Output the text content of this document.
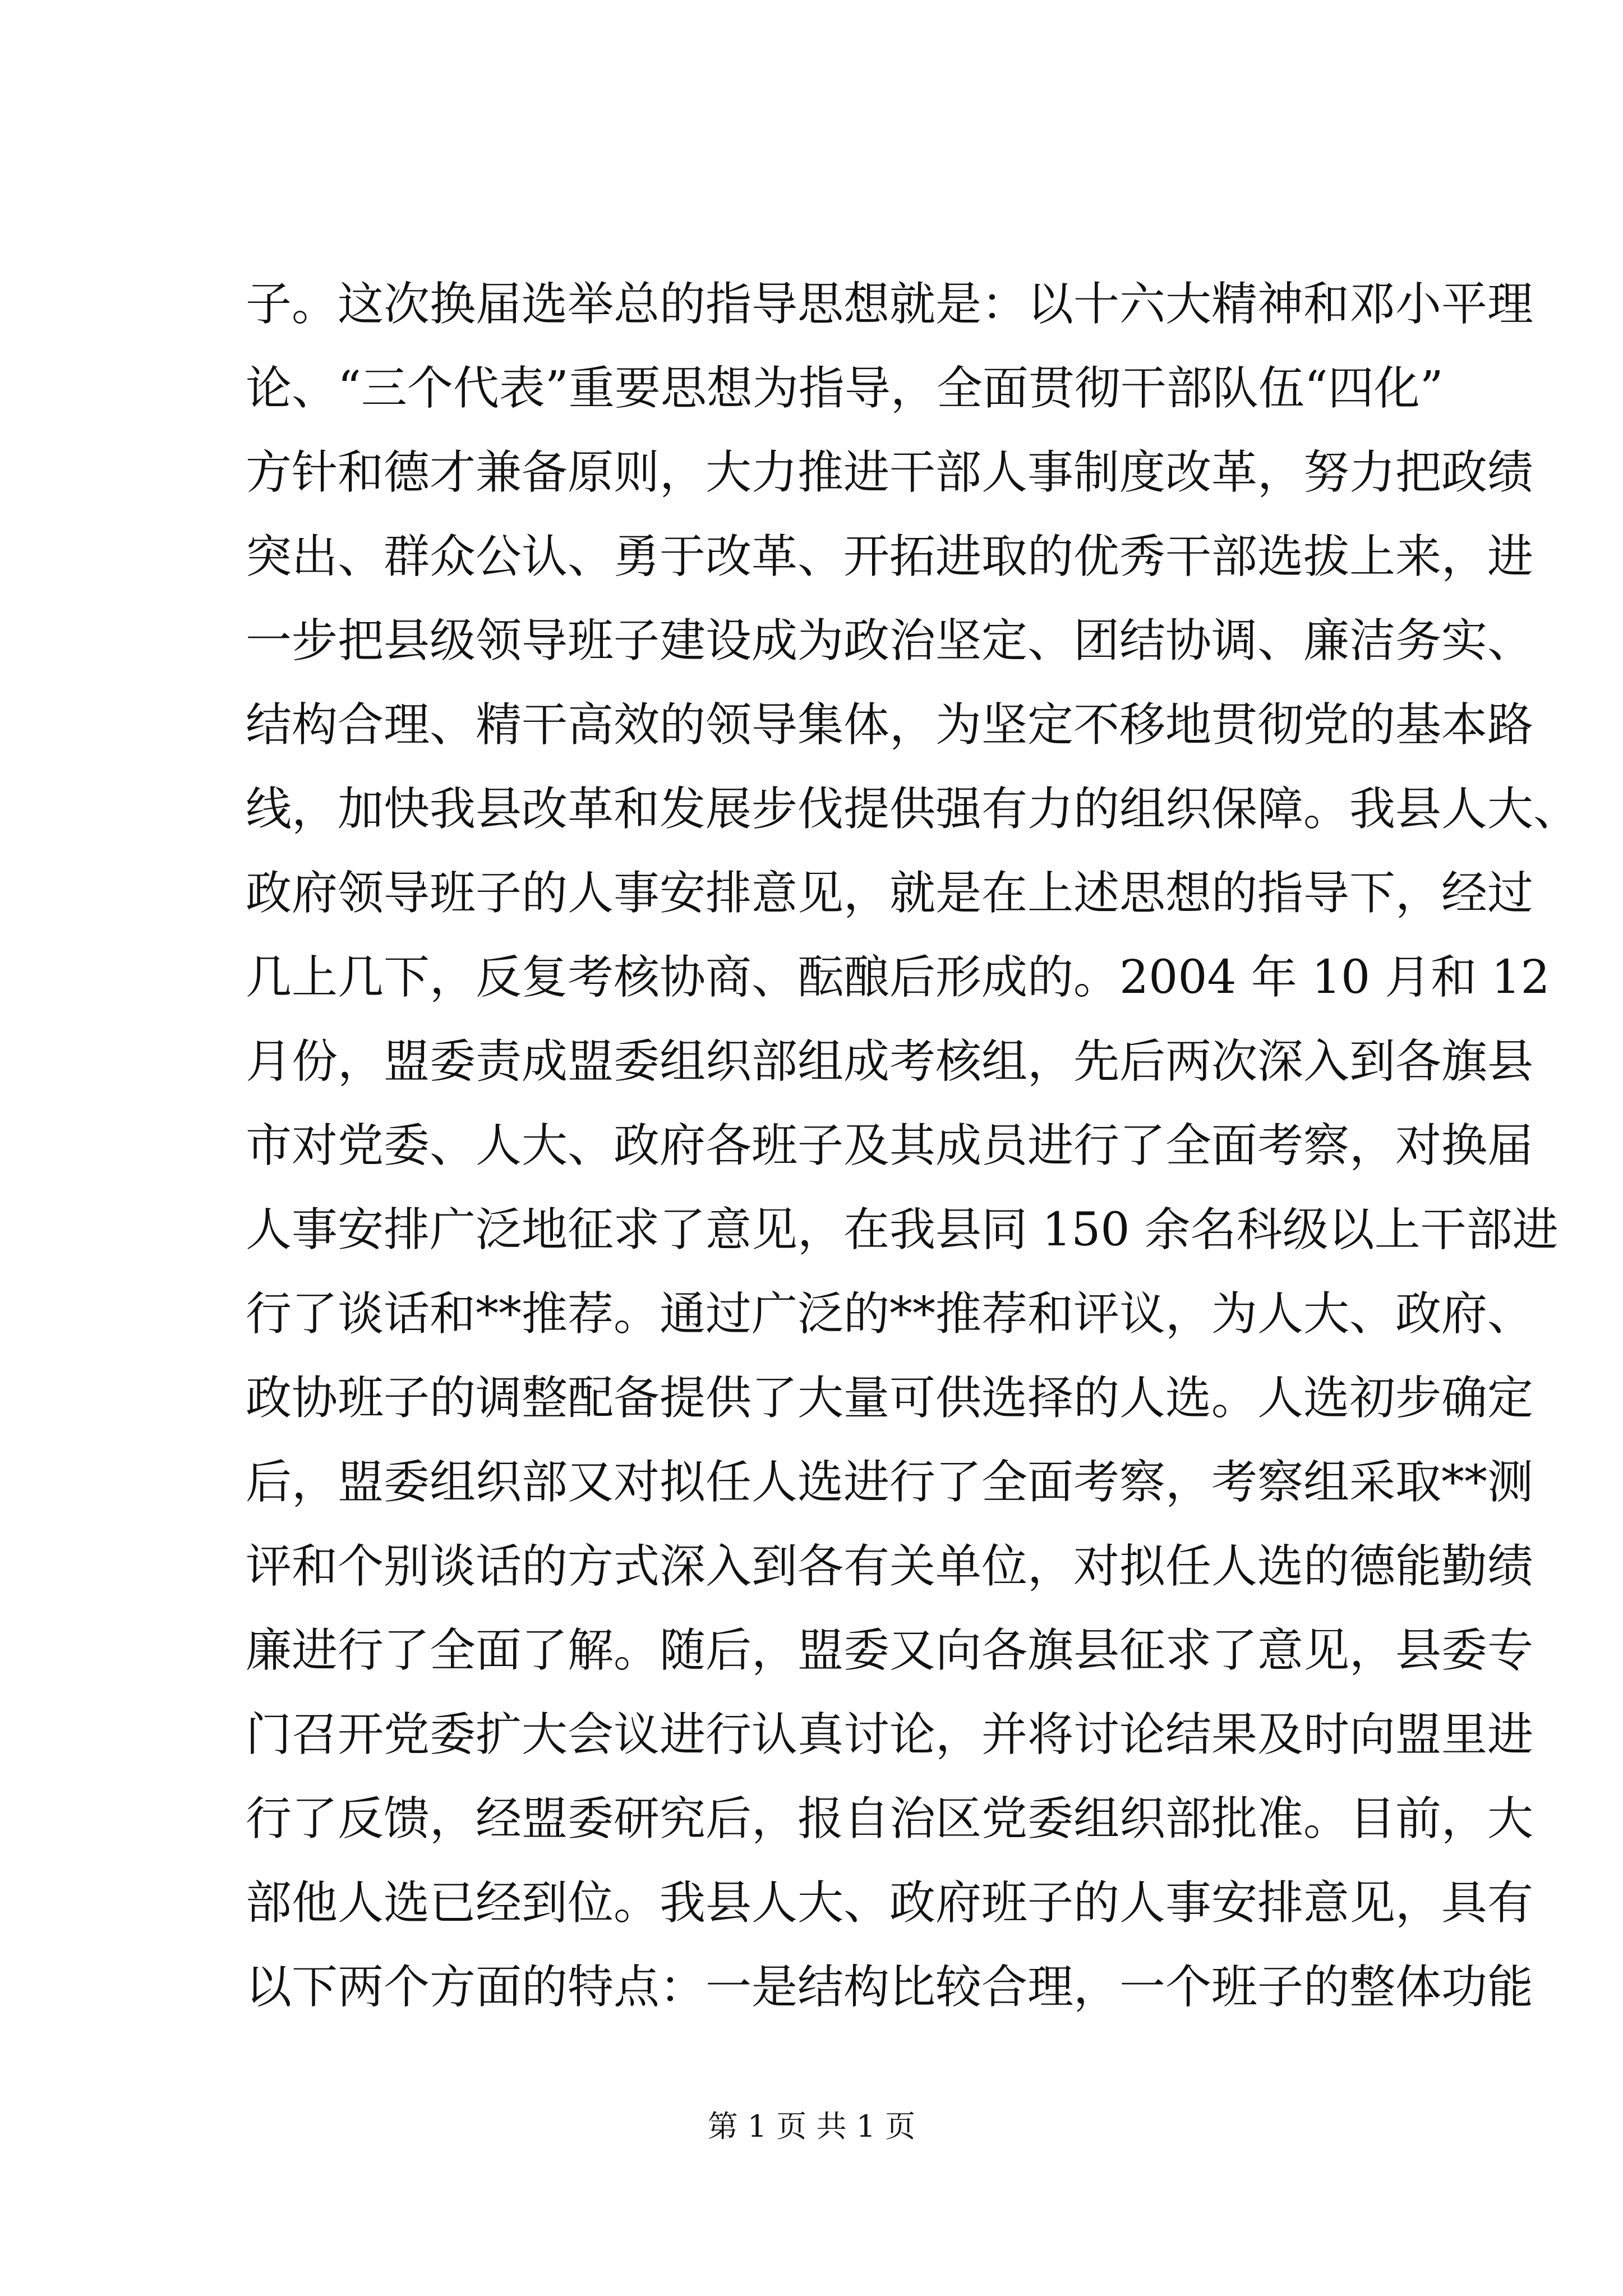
子。这次换届选举总的指导思想就是：以十六大精神和邓小平理
论、“三个代表”重要思想为指导，全面贯彻干部队伍“四化”
方针和德才兼备原则，大力推进干部人事制度改革，努力把政绩
突出、群众公认、勇于改革、开拓进取的优秀干部选拔上来，进
一步把县级领导班子建设成为政治坚定、团结协调、廉洁务实、
结构合理、精干高效的领导集体，为坚定不移地贯彻党的基本路
线，加快我县改革和发展步伐提供强有力的组织保障。我县人大、
政府领导班子的人事安排意见，就是在上述思想的指导下，经过
几上几下，反复考核协商、酝酿后形成的。2004 年 10 月和 12
月份，盟委责成盟委组织部组成考核组，先后两次深入到各旗县
市对党委、人大、政府各班子及其成员进行了全面考察，对换届
人事安排广泛地征求了意见，在我县同 150 余名科级以上干部进
行了谈话和**推荐。通过广泛的**推荐和评议，为人大、政府、
政协班子的调整配备提供了大量可供选择的人选。人选初步确定
后，盟委组织部又对拟任人选进行了全面考察，考察组采取**测
评和个别谈话的方式深入到各有关单位，对拟任人选的德能勤绩
廉进行了全面了解。随后，盟委又向各旗县征求了意见，县委专
门召开党委扩大会议进行认真讨论，并将讨论结果及时向盟里进
行了反馈，经盟委研究后，报自治区党委组织部批准。目前，大
部他人选已经到位。我县人大、政府班子的人事安排意见，具有
以下两个方面的特点：一是结构比较合理，一个班子的整体功能
第 1 页 共 1 页
